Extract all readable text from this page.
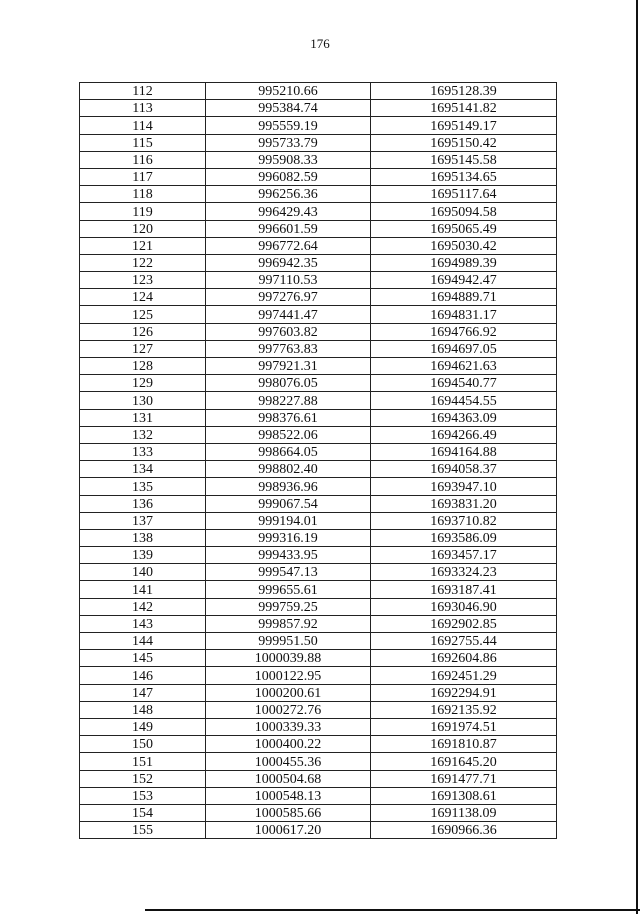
176
112	995210.66	1695128.39
113	995384.74	1695141.82
114	995559.19	1695149.17
115	995733.79	1695150.42
116	995908.33	1695145.58
117	996082.59	1695134.65
118	996256.36	1695117.64
119	996429.43	1695094.58
120	996601.59	1695065.49
121	996772.64	1695030.42
122	996942.35	1694989.39
123	997110.53	1694942.47
124	997276.97	1694889.71
125	997441.47	1694831.17
126	997603.82	1694766.92
127	997763.83	1694697.05
128	997921.31	1694621.63
129	998076.05	1694540.77
130	998227.88	1694454.55
131	998376.61	1694363.09
132	998522.06	1694266.49
133	998664.05	1694164.88
134	998802.40	1694058.37
135	998936.96	1693947.10
136	999067.54	1693831.20
137	999194.01	1693710.82
138	999316.19	1693586.09
139	999433.95	1693457.17
140	999547.13	1693324.23
141	999655.61	1693187.41
142	999759.25	1693046.90
143	999857.92	1692902.85
144	999951.50	1692755.44
145	1000039.88	1692604.86
146	1000122.95	1692451.29
147	1000200.61	1692294.91
148	1000272.76	1692135.92
149	1000339.33	1691974.51
150	1000400.22	1691810.87
151	1000455.36	1691645.20
152	1000504.68	1691477.71
153	1000548.13	1691308.61
154	1000585.66	1691138.09
155	1000617.20	1690966.36
